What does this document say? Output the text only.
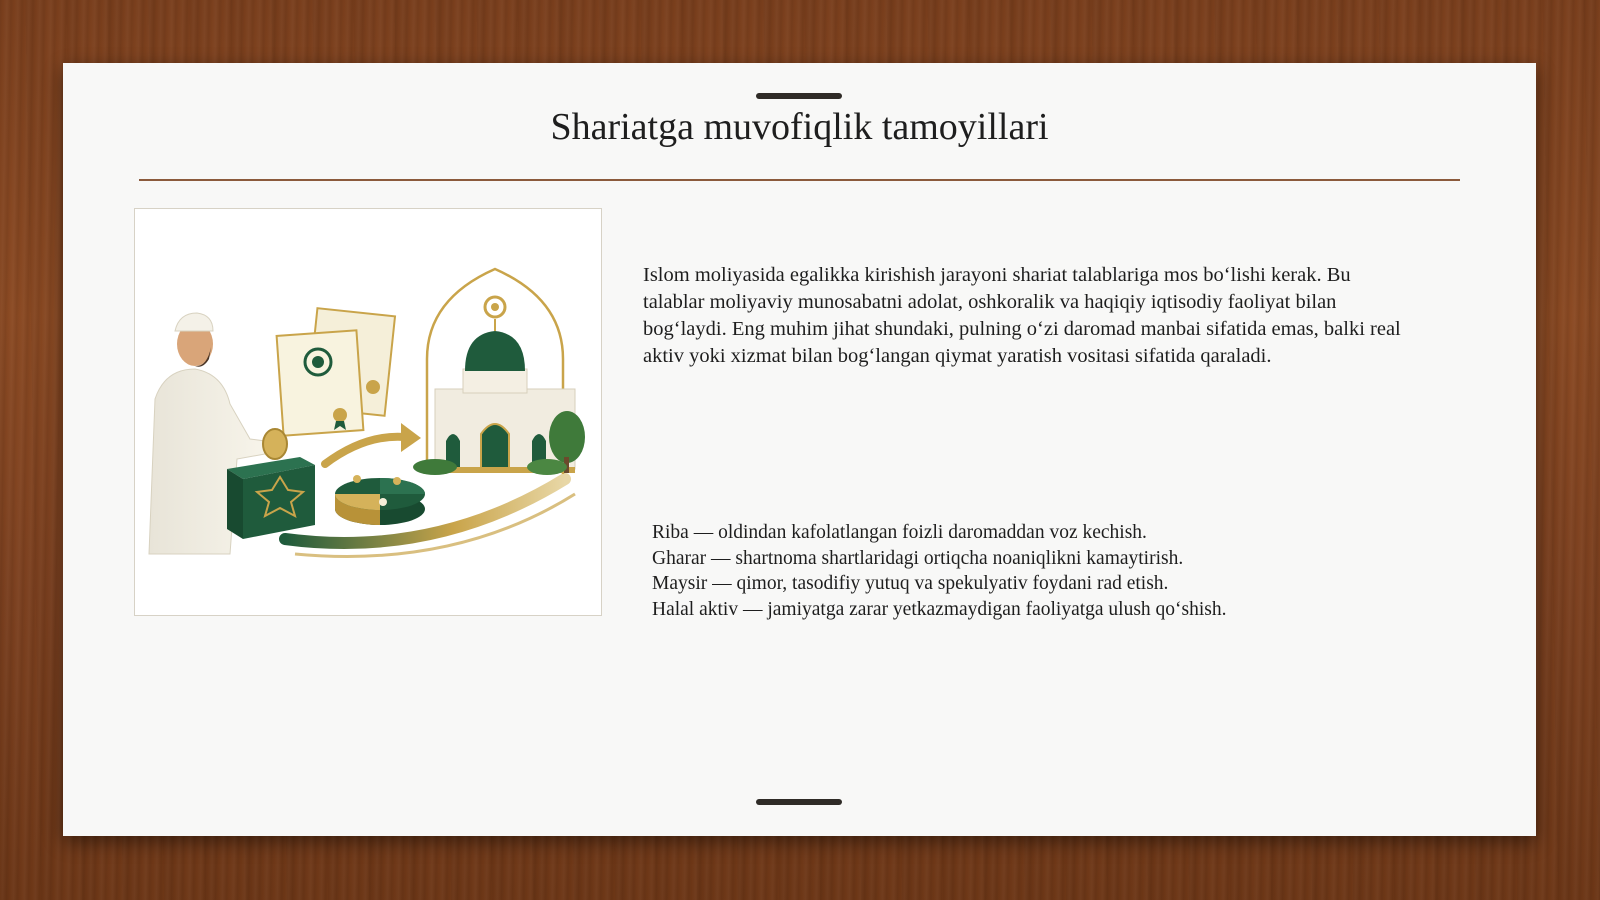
Shariatga muvofiqlik tamoyillari
Islom moliyasida egalikka kirishish jarayoni shariat talablariga mos bo‘lishi kerak. Bu talablar moliyaviy munosabatni adolat, oshkoralik va haqiqiy iqtisodiy faoliyat bilan bog‘laydi. Eng muhim jihat shundaki, pulning o‘zi daromad manbai sifatida emas, balki real aktiv yoki xizmat bilan bog‘langan qiymat yaratish vositasi sifatida qaraladi.
Riba — oldindan kafolatlangan foizli daromaddan voz kechish.
Gharar — shartnoma shartlaridagi ortiqcha noaniqlikni kamaytirish.
Maysir — qimor, tasodifiy yutuq va spekulyativ foydani rad etish.
Halal aktiv — jamiyatga zarar yetkazmaydigan faoliyatga ulush qo‘shish.
